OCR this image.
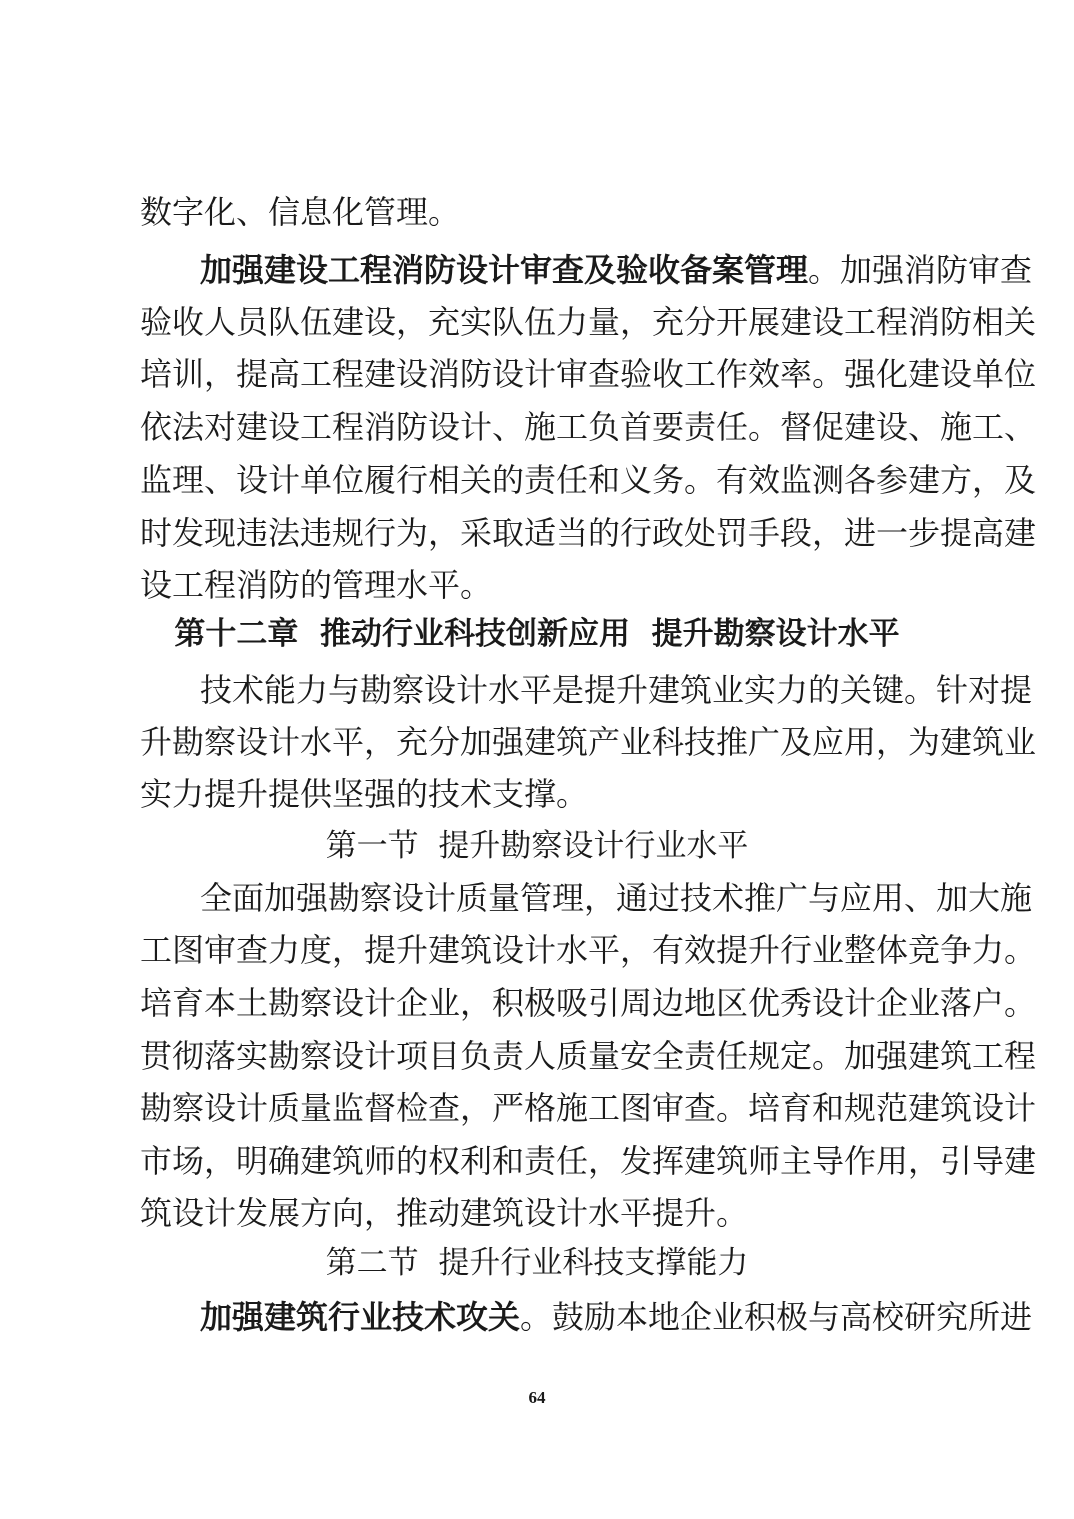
数字化、信息化管理。
加强建设工程消防设计审查及验收备案管理。加强消防审查
验收人员队伍建设，充实队伍力量，充分开展建设工程消防相关
培训，提高工程建设消防设计审查验收工作效率。强化建设单位
依法对建设工程消防设计、施工负首要责任。督促建设、施工、
监理、设计单位履行相关的责任和义务。有效监测各参建方，及
时发现违法违规行为，采取适当的行政处罚手段，进一步提高建
设工程消防的管理水平。
第十二章  推动行业科技创新应用  提升勘察设计水平
技术能力与勘察设计水平是提升建筑业实力的关键。针对提
升勘察设计水平，充分加强建筑产业科技推广及应用，为建筑业
实力提升提供坚强的技术支撑。
第一节  提升勘察设计行业水平
全面加强勘察设计质量管理，通过技术推广与应用、加大施
工图审查力度，提升建筑设计水平，有效提升行业整体竞争力。
培育本土勘察设计企业，积极吸引周边地区优秀设计企业落户。
贯彻落实勘察设计项目负责人质量安全责任规定。加强建筑工程
勘察设计质量监督检查，严格施工图审查。培育和规范建筑设计
市场，明确建筑师的权利和责任，发挥建筑师主导作用，引导建
筑设计发展方向，推动建筑设计水平提升。
第二节  提升行业科技支撑能力
加强建筑行业技术攻关。鼓励本地企业积极与高校研究所进
64
